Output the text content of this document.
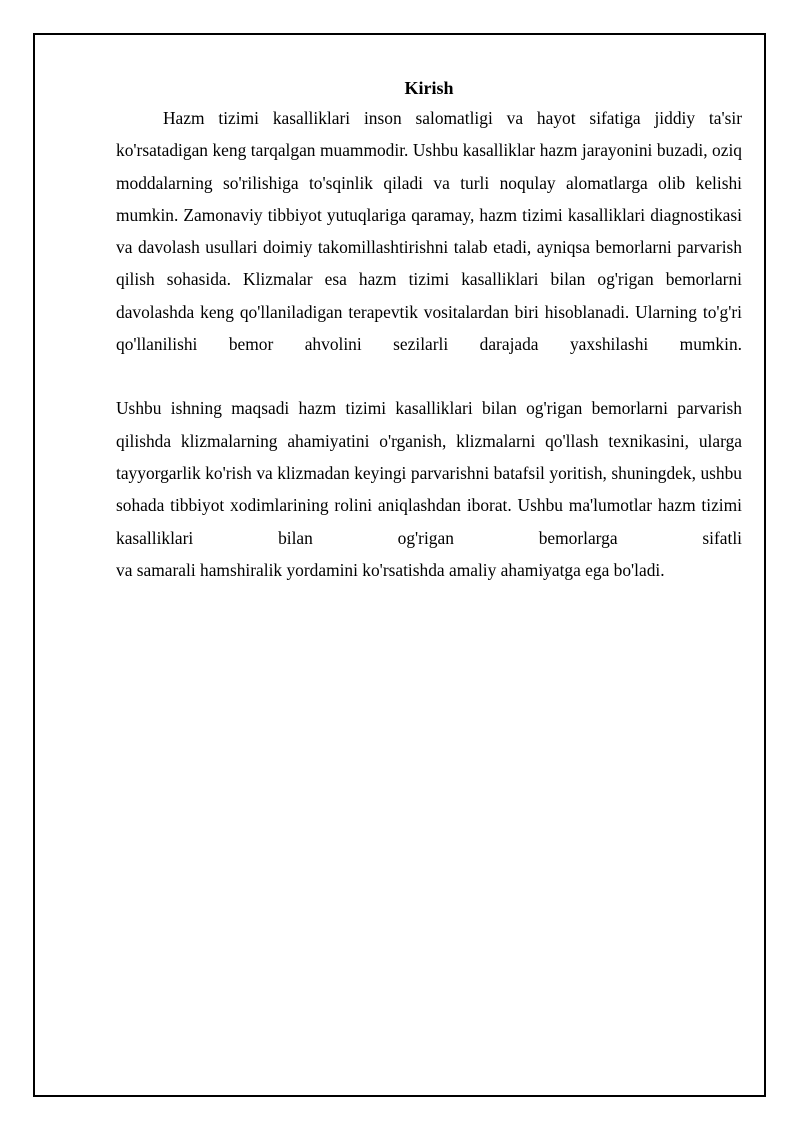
Kirish

Hazm tizimi kasalliklari inson salomatligi va hayot sifatiga jiddiy ta'sir ko'rsatadigan keng tarqalgan muammodir. Ushbu kasalliklar hazm jarayonini buzadi, oziq moddalarning so'rilishiga to'sqinlik qiladi va turli noqulay alomatlarga olib kelishi mumkin. Zamonaviy tibbiyot yutuqlariga qaramay, hazm tizimi kasalliklari diagnostikasi va davolash usullari doimiy takomillashtirishni talab etadi, ayniqsa bemorlarni parvarish qilish sohasida. Klizmalar esa hazm tizimi kasalliklari bilan og'rigan bemorlarni davolashda keng qo'llaniladigan terapevtik vositalardan biri hisoblanadi. Ularning to'g'ri qo'llanilishi bemor ahvolini sezilarli darajada yaxshilashi mumkin.

Ushbu ishning maqsadi hazm tizimi kasalliklari bilan og'rigan bemorlarni parvarish qilishda klizmalarning ahamiyatini o'rganish, klizmalarni qo'llash texnikasini, ularga tayyorgarlik ko'rish va klizmadan keyingi parvarishni batafsil yoritish, shuningdek, ushbu sohada tibbiyot xodimlarining rolini aniqlashdan iborat. Ushbu ma'lumotlar hazm tizimi kasalliklari bilan og'rigan bemorlarga sifatli
va samarali hamshiralik yordamini ko'rsatishda amaliy ahamiyatga ega bo'ladi.
